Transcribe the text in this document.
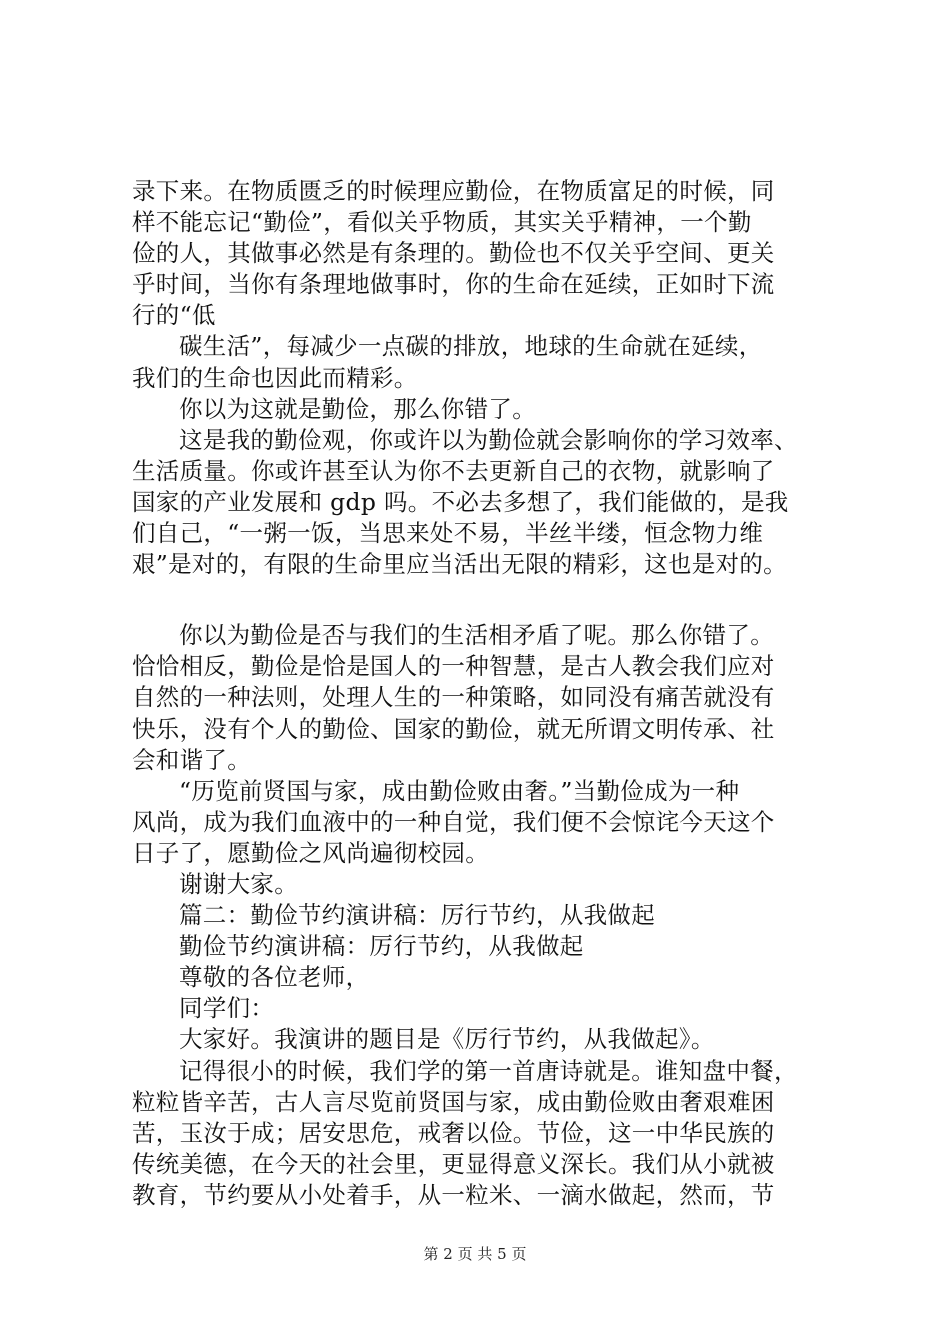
录下来。在物质匮乏的时候理应勤俭，在物质富足的时候，同
样不能忘记“勤俭”，看似关乎物质，其实关乎精神，一个勤
俭的人，其做事必然是有条理的。勤俭也不仅关乎空间、更关
乎时间，当你有条理地做事时，你的生命在延续，正如时下流
行的“低
碳生活”，每减少一点碳的排放，地球的生命就在延续，
我们的生命也因此而精彩。
你以为这就是勤俭，那么你错了。
这是我的勤俭观，你或许以为勤俭就会影响你的学习效率、
生活质量。你或许甚至认为你不去更新自己的衣物，就影响了
国家的产业发展和 gdp 吗。不必去多想了，我们能做的，是我
们自己，“一粥一饭，当思来处不易，半丝半缕，恒念物力维
艰”是对的，有限的生命里应当活出无限的精彩，这也是对的。
你以为勤俭是否与我们的生活相矛盾了呢。那么你错了。
恰恰相反，勤俭是恰是国人的一种智慧，是古人教会我们应对
自然的一种法则，处理人生的一种策略，如同没有痛苦就没有
快乐，没有个人的勤俭、国家的勤俭，就无所谓文明传承、社
会和谐了。
“历览前贤国与家，成由勤俭败由奢。”当勤俭成为一种
风尚，成为我们血液中的一种自觉，我们便不会惊诧今天这个
日子了，愿勤俭之风尚遍彻校园。
谢谢大家。
篇二：勤俭节约演讲稿：厉行节约，从我做起
勤俭节约演讲稿：厉行节约，从我做起
尊敬的各位老师，
同学们：
大家好。我演讲的题目是《厉行节约，从我做起》。
记得很小的时候，我们学的第一首唐诗就是。谁知盘中餐，
粒粒皆辛苦，古人言尽览前贤国与家，成由勤俭败由奢艰难困
苦，玉汝于成；居安思危，戒奢以俭。节俭，这一中华民族的
传统美德，在今天的社会里，更显得意义深长。我们从小就被
教育，节约要从小处着手，从一粒米、一滴水做起，然而，节
第 2 页 共 5 页
